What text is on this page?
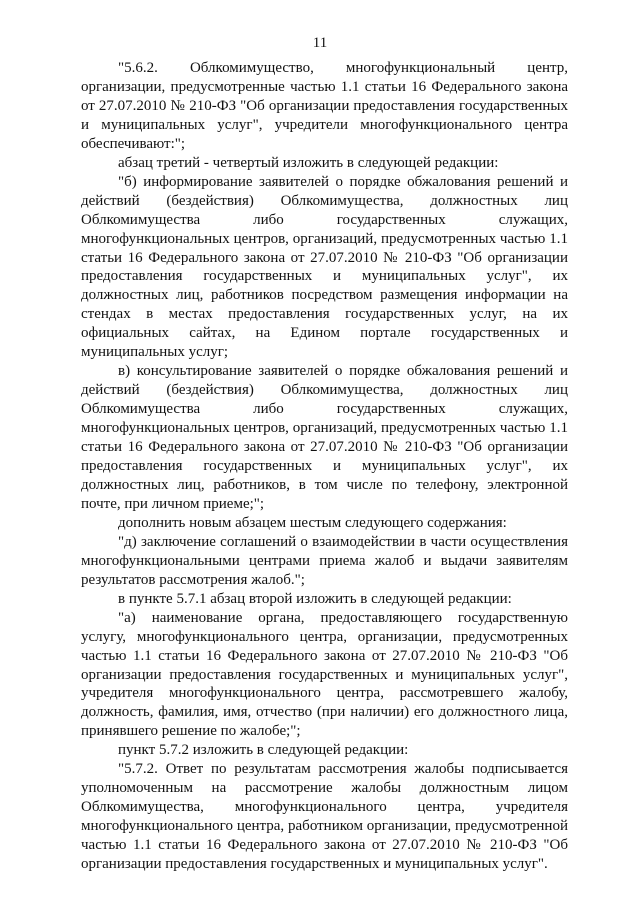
11

"5.6.2. Облкомимущество, многофункциональный центр, организации, предусмотренные частью 1.1 статьи 16 Федерального закона от 27.07.2010 № 210-ФЗ "Об организации предоставления государственных и муниципальных услуг", учредители многофункционального центра обеспечивают:";

абзац третий - четвертый изложить в следующей редакции:

"б) информирование заявителей о порядке обжалования решений и действий (бездействия) Облкомимущества, должностных лиц Облкомимущества либо государственных служащих, многофункциональных центров, организаций, предусмотренных частью 1.1 статьи 16 Федерального закона от 27.07.2010 № 210-ФЗ "Об организации предоставления государственных и муниципальных услуг", их должностных лиц, работников посредством размещения информации на стендах в местах предоставления государственных услуг, на их официальных сайтах, на Едином портале государственных и муниципальных услуг;

в) консультирование заявителей о порядке обжалования решений и действий (бездействия) Облкомимущества, должностных лиц Облкомимущества либо государственных служащих, многофункциональных центров, организаций, предусмотренных частью 1.1 статьи 16 Федерального закона от 27.07.2010 № 210-ФЗ "Об организации предоставления государственных и муниципальных услуг", их должностных лиц, работников, в том числе по телефону, электронной почте, при личном приеме;";

дополнить новым абзацем шестым следующего содержания:

"д) заключение соглашений о взаимодействии в части осуществления многофункциональными центрами приема жалоб и выдачи заявителям результатов рассмотрения жалоб.";

в пункте 5.7.1 абзац второй изложить в следующей редакции:

"а) наименование органа, предоставляющего государственную услугу, многофункционального центра, организации, предусмотренных частью 1.1 статьи 16 Федерального закона от 27.07.2010 № 210-ФЗ "Об организации предоставления государственных и муниципальных услуг", учредителя многофункционального центра, рассмотревшего жалобу, должность, фамилия, имя, отчество (при наличии) его должностного лица, принявшего решение по жалобе;";

пункт 5.7.2 изложить в следующей редакции:

"5.7.2. Ответ по результатам рассмотрения жалобы подписывается уполномоченным на рассмотрение жалобы должностным лицом Облкомимущества, многофункционального центра, учредителя многофункционального центра, работником организации, предусмотренной частью 1.1 статьи 16 Федерального закона от 27.07.2010 № 210-ФЗ "Об организации предоставления государственных и муниципальных услуг".
